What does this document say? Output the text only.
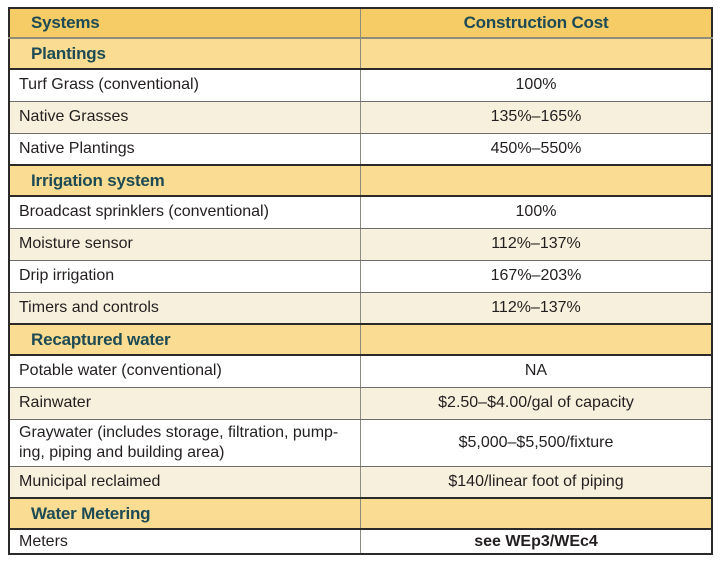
Systems	Construction Cost
Plantings	
Turf Grass (conventional)	100%
Native Grasses	135%–165%
Native Plantings	450%–550%
Irrigation system	
Broadcast sprinklers (conventional)	100%
Moisture sensor	112%–137%
Drip irrigation	167%–203%
Timers and controls	112%–137%
Recaptured water	
Potable water (conventional)	NA
Rainwater	$2.50–$4.00/gal of capacity
Graywater (includes storage, filtration, pump-
ing, piping and building area)	$5,000–$5,500/fixture
Municipal reclaimed	$140/linear foot of piping
Water Metering	
Meters	see WEp3/WEc4
